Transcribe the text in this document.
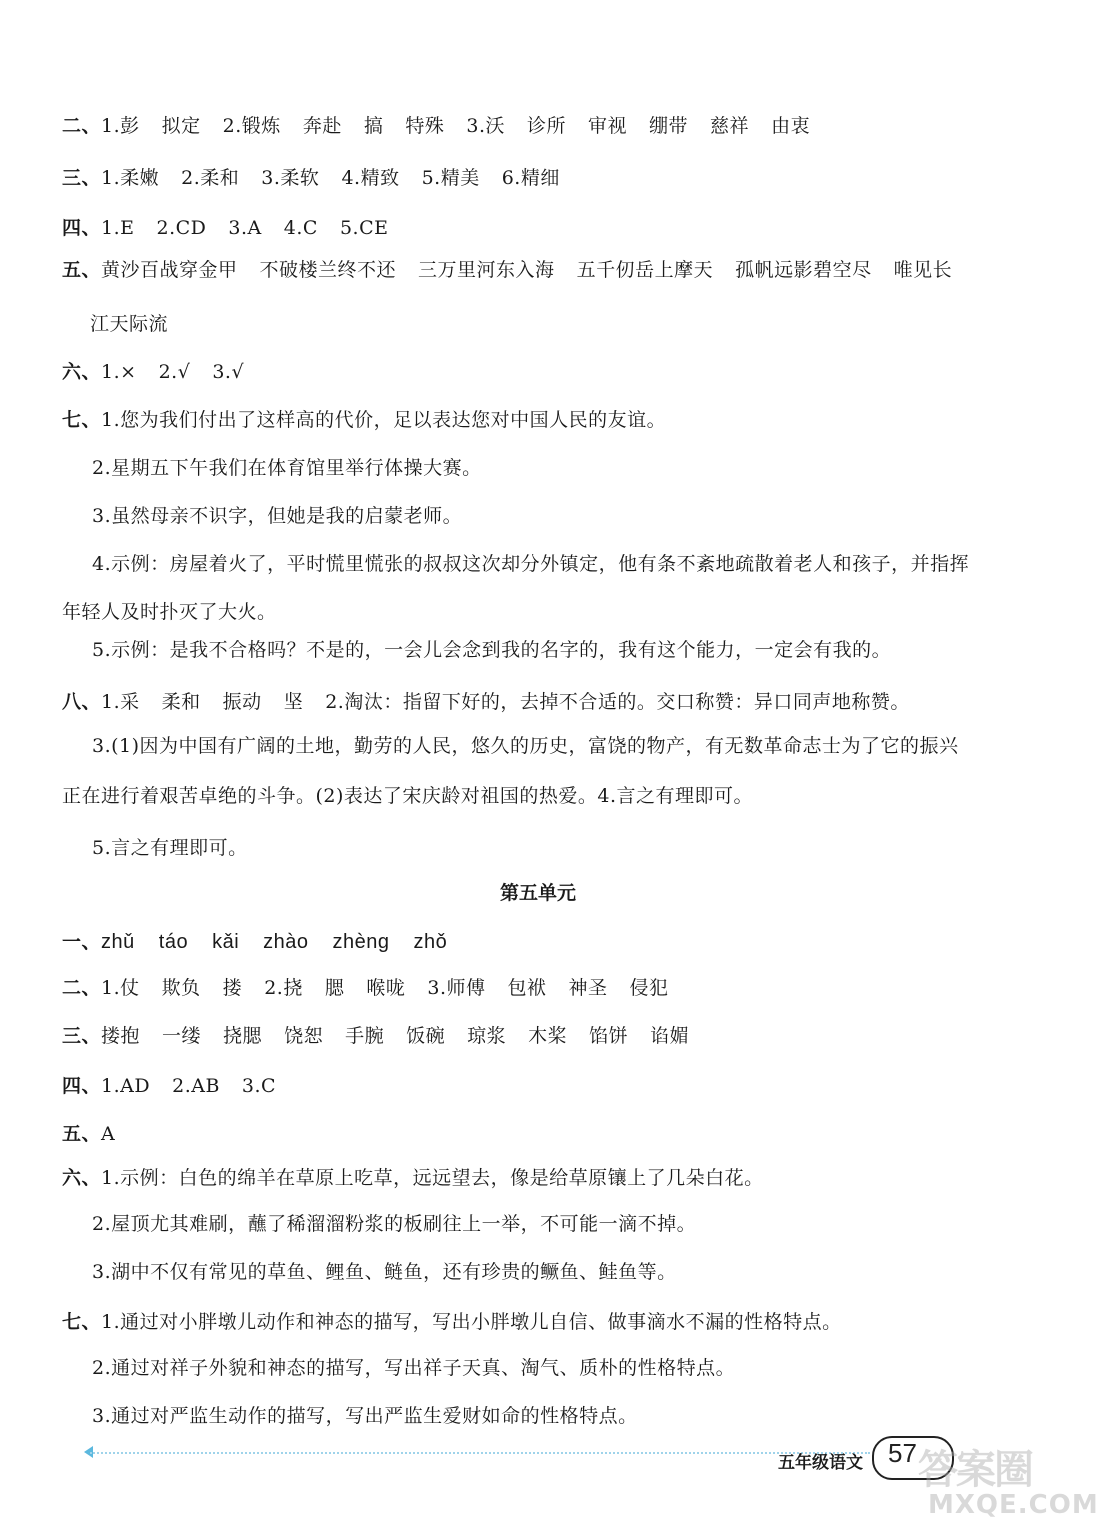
二、1.彭 拟定 2.锻炼 奔赴 搞 特殊 3.沃 诊所 审视 绷带 慈祥 由衷
三、1.柔嫩 2.柔和 3.柔软 4.精致 5.精美 6.精细
四、1.E 2.CD 3.A 4.C 5.CE
五、黄沙百战穿金甲 不破楼兰终不还 三万里河东入海 五千仞岳上摩天 孤帆远影碧空尽 唯见长
江天际流
六、1.× 2.√ 3.√
七、1.您为我们付出了这样高的代价，足以表达您对中国人民的友谊。
2.星期五下午我们在体育馆里举行体操大赛。
3.虽然母亲不识字，但她是我的启蒙老师。
4.示例：房屋着火了，平时慌里慌张的叔叔这次却分外镇定，他有条不紊地疏散着老人和孩子，并指挥
年轻人及时扑灭了大火。
5.示例：是我不合格吗？不是的，一会儿会念到我的名字的，我有这个能力，一定会有我的。
八、1.采 柔和 振动 坚 2.淘汰：指留下好的，去掉不合适的。交口称赞：异口同声地称赞。
3.(1)因为中国有广阔的土地，勤劳的人民，悠久的历史，富饶的物产，有无数革命志士为了它的振兴
正在进行着艰苦卓绝的斗争。(2)表达了宋庆龄对祖国的热爱。4.言之有理即可。
5.言之有理即可。
第五单元
一、zhǔ táo kǎi zhào zhèng zhǒ
二、1.仗 欺负 搂 2.挠 腮 喉咙 3.师傅 包袱 神圣 侵犯
三、搂抱 一缕 挠腮 饶恕 手腕 饭碗 琼浆 木桨 馅饼 谄媚
四、1.AD 2.AB 3.C
五、A
六、1.示例：白色的绵羊在草原上吃草，远远望去，像是给草原镶上了几朵白花。
2.屋顶尤其难刷，蘸了稀溜溜粉浆的板刷往上一举，不可能一滴不掉。
3.湖中不仅有常见的草鱼、鲤鱼、鲢鱼，还有珍贵的鳜鱼、鲑鱼等。
七、1.通过对小胖墩儿动作和神态的描写，写出小胖墩儿自信、做事滴水不漏的性格特点。
2.通过对祥子外貌和神态的描写，写出祥子天真、淘气、质朴的性格特点。
3.通过对严监生动作的描写，写出严监生爱财如命的性格特点。
五年级语文 57 答案圈
MXQE.COM
